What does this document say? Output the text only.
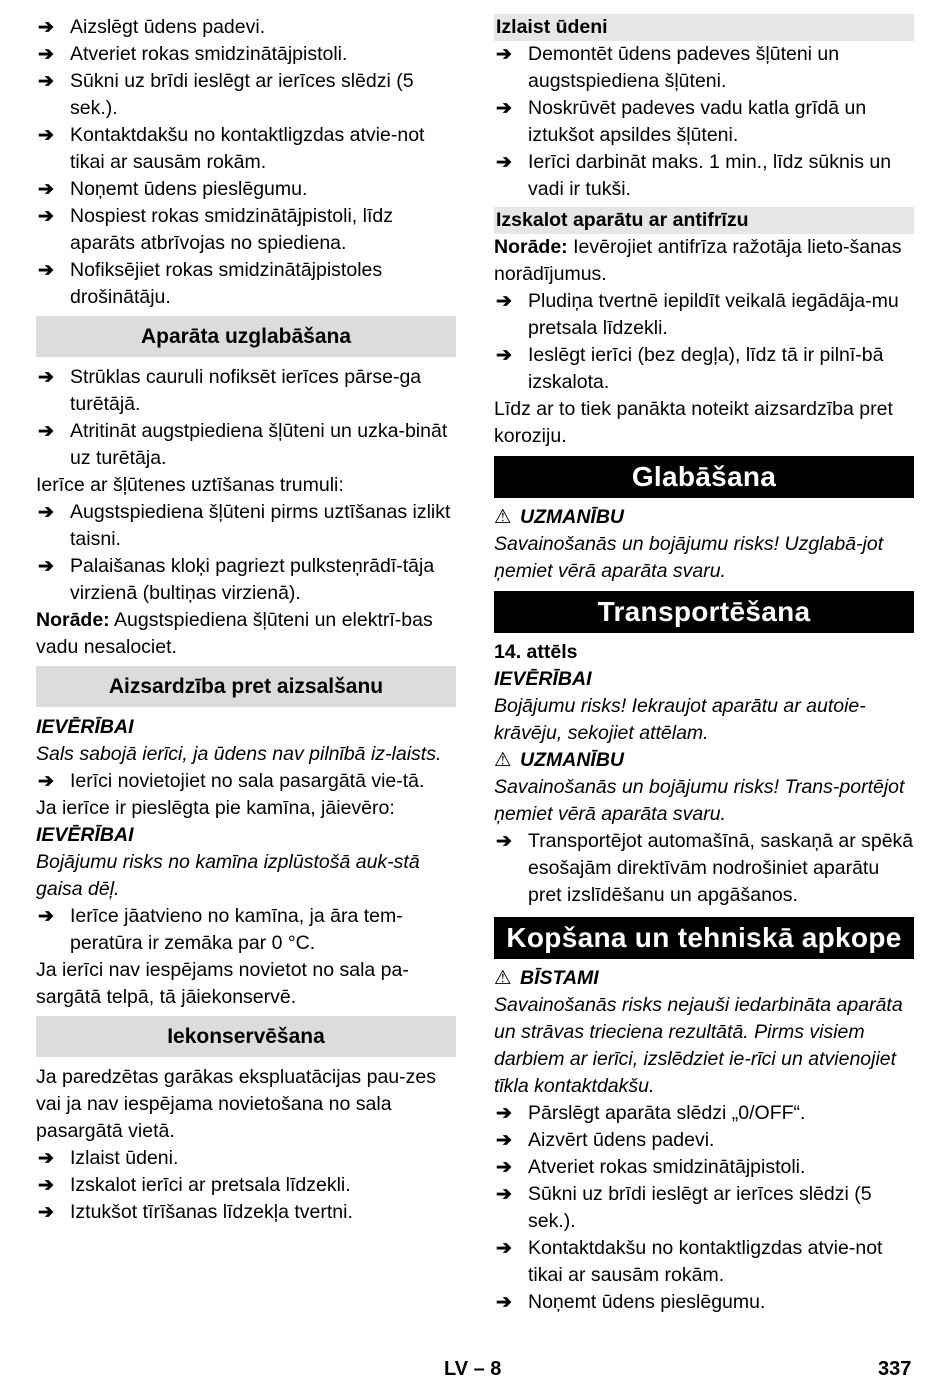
➔ Aizslēgt ūdens padevi.
➔ Atveriet rokas smidzinātājpistoli.
➔ Sūkni uz brīdi ieslēgt ar ierīces slēdzi (5 sek.).
➔ Kontaktdakšu no kontaktligzdas atvie-not tikai ar sausām rokām.
➔ Noņemt ūdens pieslēgumu.
➔ Nospiest rokas smidzinātājpistoli, līdz aparāts atbrīvojas no spiediena.
➔ Nofiksējiet rokas smidzinātājpistoles drošinātāju.
Aparāta uzglabāšana
➔ Strūklas cauruli nofiksēt ierīces pārse-ga turētājā.
➔ Atritināt augstpiediena šļūteni un uzka-bināt uz turētāja.

Ierīce ar šļūtenes uztīšanas trumuli:

➔ Augstspiediena šļūteni pirms uztīšanas izlikt taisni.
➔ Palaišanas kloķi pagriezt pulksteņrādī-tāja virzienā (bultiņas virzienā).

Norāde: Augstspiediena šļūteni un elektrī-bas vadu nesalociet.

Aizsardzība pret aizsalšanu

IEVĒRĪBAI

Sals sabojā ierīci, ja ūdens nav pilnībā iz-laists.

➔ Ierīci novietojiet no sala pasargātā vie-tā.

Ja ierīce ir pieslēgta pie kamīna, jāievēro:

IEVĒRĪBAI

Bojājumu risks no kamīna izplūstošā auk-stā gaisa dēļ.

➔ Ierīce jāatvieno no kamīna, ja āra tem-peratūra ir zemāka par 0 °C.

Ja ierīci nav iespējams novietot no sala pa-sargātā telpā, tā jāiekonservē.

Iekonservēšana

Ja paredzētas garākas ekspluatācijas pau-zes vai ja nav iespējama novietošana no sala pasargātā vietā.

➔ Izlaist ūdeni.
➔ Izskalot ierīci ar pretsala līdzekli.
➔ Iztukšot tīrīšanas līdzekļa tvertni.
Izlaist ūdeni
➔ Demontēt ūdens padeves šļūteni un augstspiediena šļūteni.
➔ Noskrūvēt padeves vadu katla grīdā un iztukšot apsildes šļūteni.
➔ Ierīci darbināt maks. 1 min., līdz sūknis un vadi ir tukši.
Izskalot aparātu ar antifrīzu

Norāde: Ievērojiet antifrīza ražotāja lieto-šanas norādījumus.

➔ Pludiņa tvertnē iepildīt veikalā iegādāja-mu pretsala līdzekli.
➔ Ieslēgt ierīci (bez degļa), līdz tā ir pilnī-bā izskalota.

Līdz ar to tiek panākta noteikt aizsardzība pret koroziju.

Glabāšana
⚠ UZMANĪBU

Savainošanās un bojājumu risks! Uzglabā-jot ņemiet vērā aparāta svaru.

Transportēšana

14. attēls

IEVĒRĪBAI

Bojājumu risks! Iekraujot aparātu ar autoie-krāvēju, sekojiet attēlam.

⚠ UZMANĪBU

Savainošanās un bojājumu risks! Trans-portējot ņemiet vērā aparāta svaru.

➔ Transportējot automašīnā, saskaņā ar spēkā esošajām direktīvām nodrošiniet aparātu pret izslīdēšanu un apgāšanos.
Kopšana un tehniskā apkope
⚠ BĪSTAMI

Savainošanās risks nejauši iedarbināta aparāta un strāvas trieciena rezultātā. Pirms visiem darbiem ar ierīci, izslēdziet ie-rīci un atvienojiet tīkla kontaktdakšu.

➔ Pārslēgt aparāta slēdzi „0/OFF“.
➔ Aizvērt ūdens padevi.
➔ Atveriet rokas smidzinātājpistoli.
➔ Sūkni uz brīdi ieslēgt ar ierīces slēdzi (5 sek.).
➔ Kontaktdakšu no kontaktligzdas atvie-not tikai ar sausām rokām.
➔ Noņemt ūdens pieslēgumu.
LV – 8	337
